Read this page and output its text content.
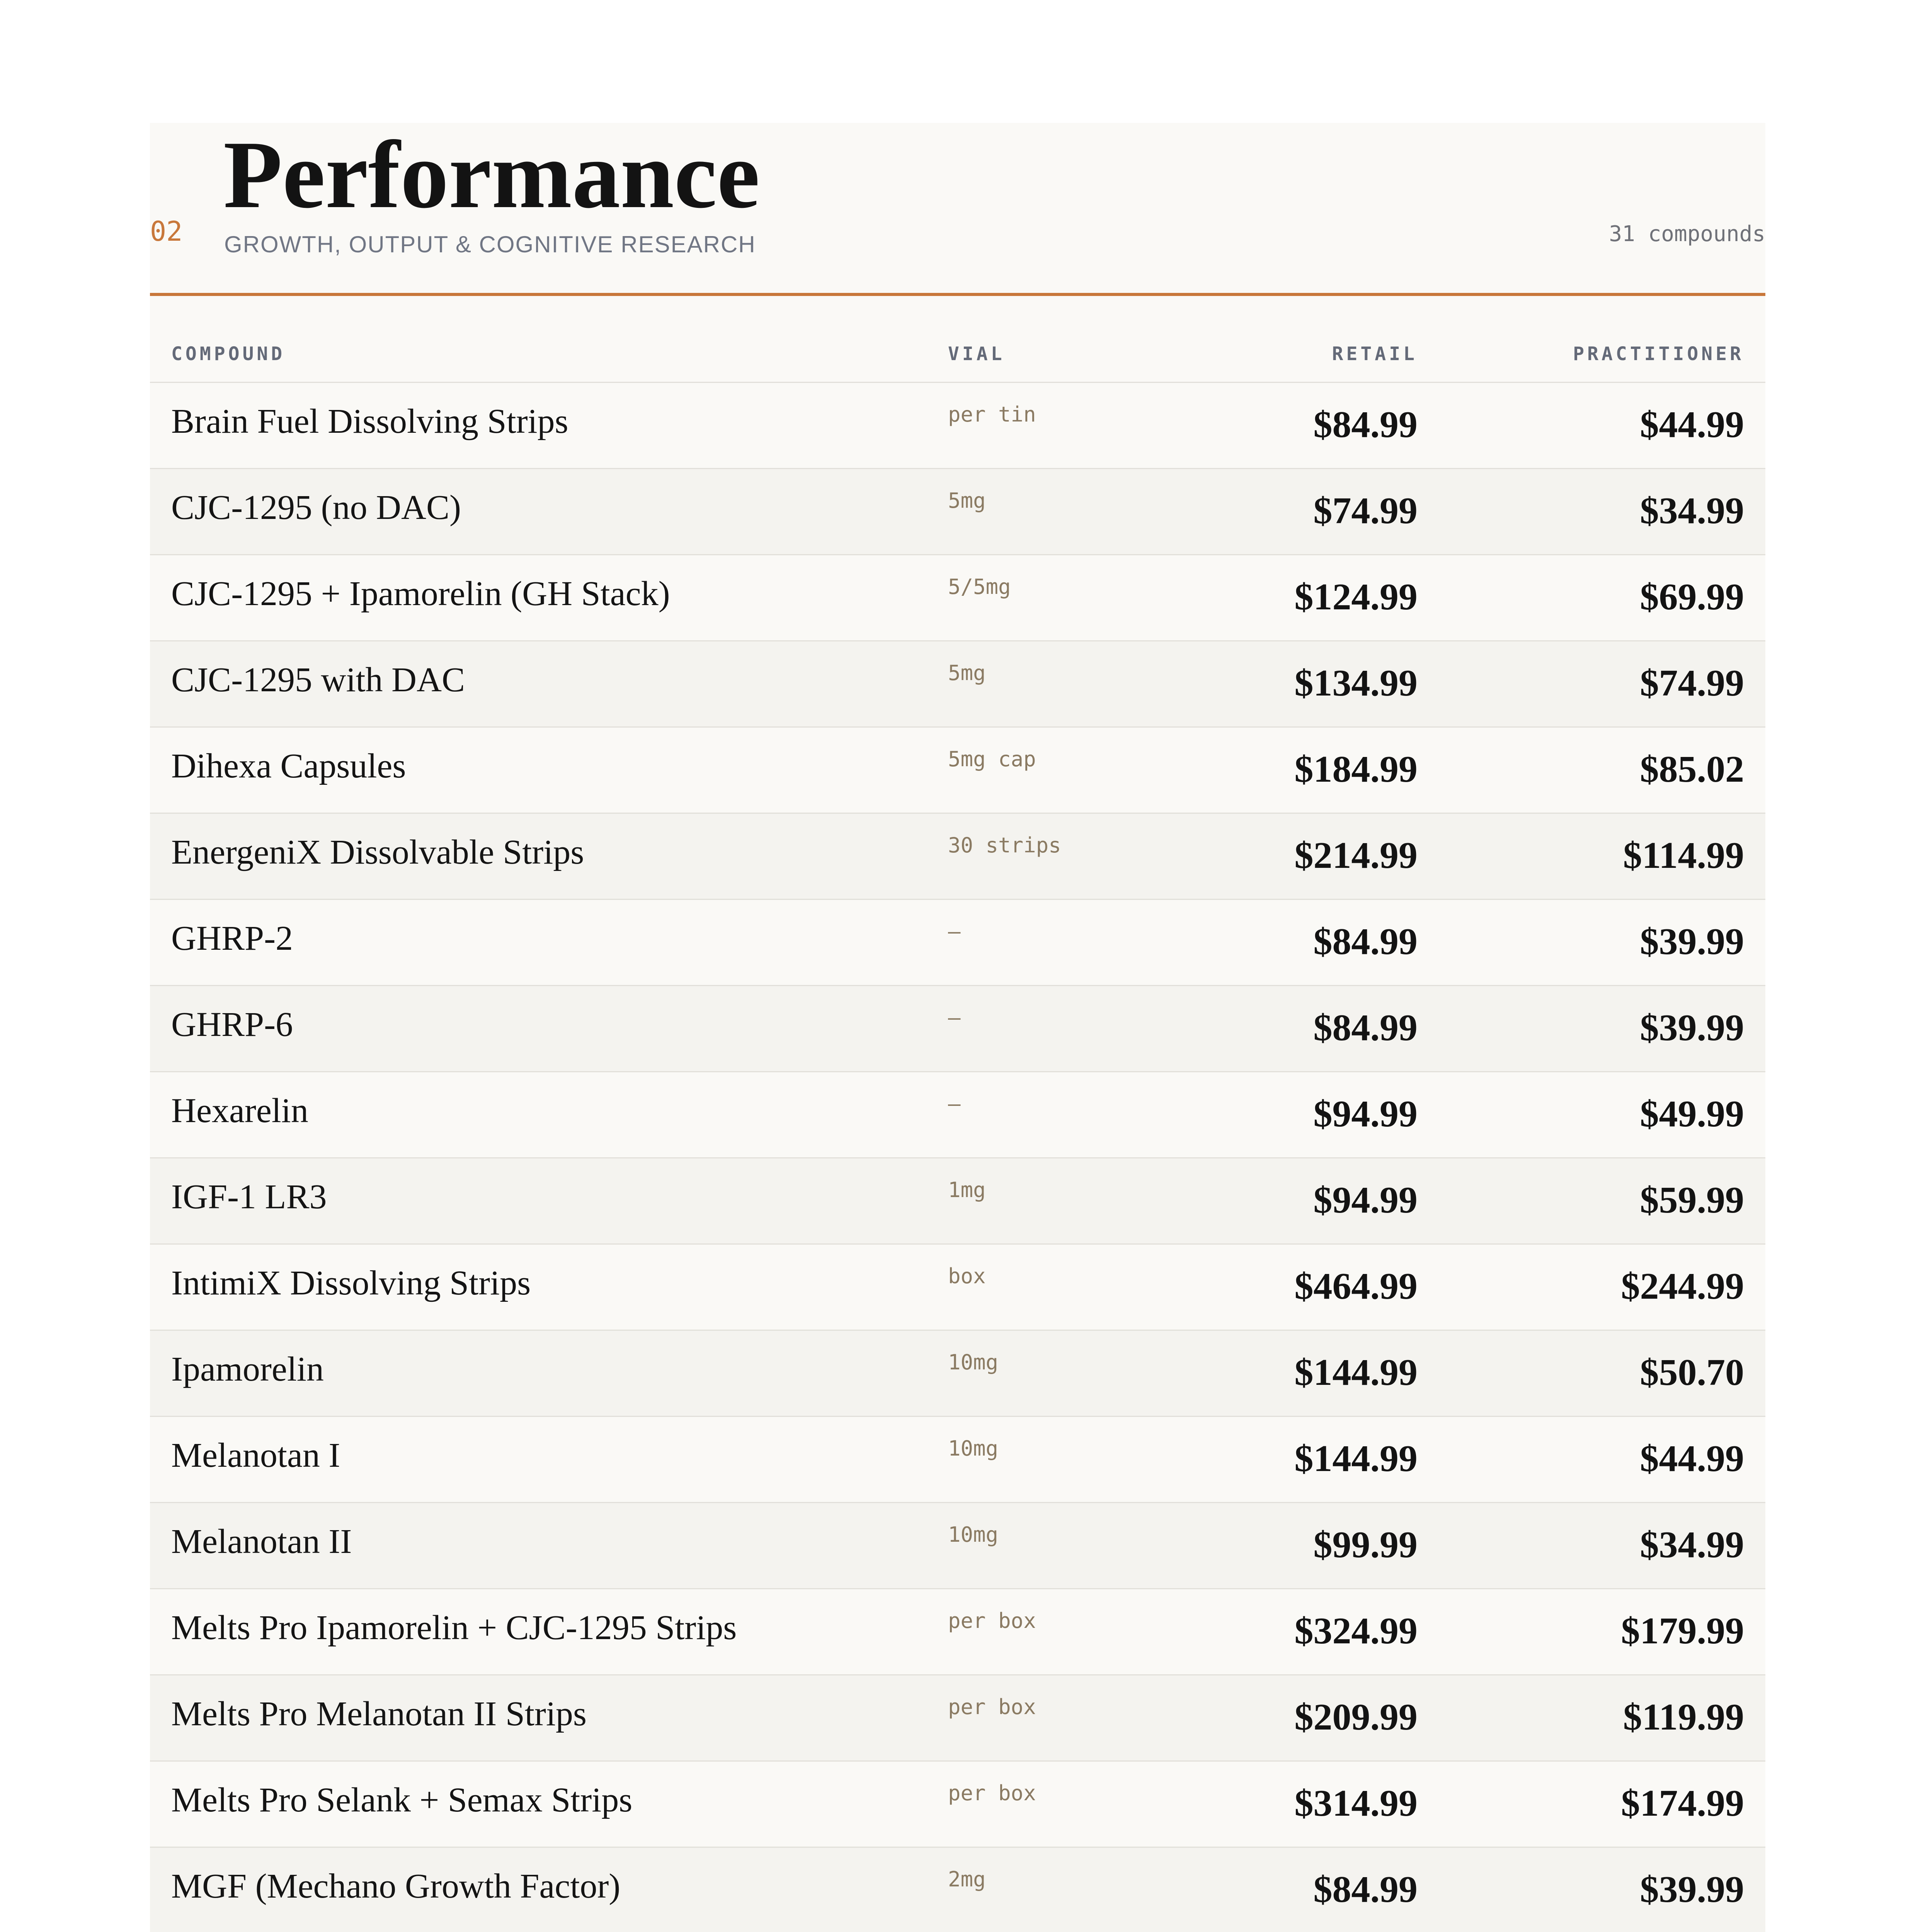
02
Performance
GROWTH, OUTPUT & COGNITIVE RESEARCH	31 compounds
COMPOUND	VIAL	RETAIL	PRACTITIONER
Brain Fuel Dissolving Strips	per tin	$84.99	$44.99
CJC-1295 (no DAC)	5mg	$74.99	$34.99
CJC-1295 + Ipamorelin (GH Stack)	5/5mg	$124.99	$69.99
CJC-1295 with DAC	5mg	$134.99	$74.99
Dihexa Capsules	5mg cap	$184.99	$85.02
EnergeniX Dissolvable Strips	30 strips	$214.99	$114.99
GHRP-2	—	$84.99	$39.99
GHRP-6	—	$84.99	$39.99
Hexarelin	—	$94.99	$49.99
IGF-1 LR3	1mg	$94.99	$59.99
IntimiX Dissolving Strips	box	$464.99	$244.99
Ipamorelin	10mg	$144.99	$50.70
Melanotan I	10mg	$144.99	$44.99
Melanotan II	10mg	$99.99	$34.99
Melts Pro Ipamorelin + CJC-1295 Strips	per box	$324.99	$179.99
Melts Pro Melanotan II Strips	per box	$209.99	$119.99
Melts Pro Selank + Semax Strips	per box	$314.99	$174.99
MGF (Mechano Growth Factor)	2mg	$84.99	$39.99
